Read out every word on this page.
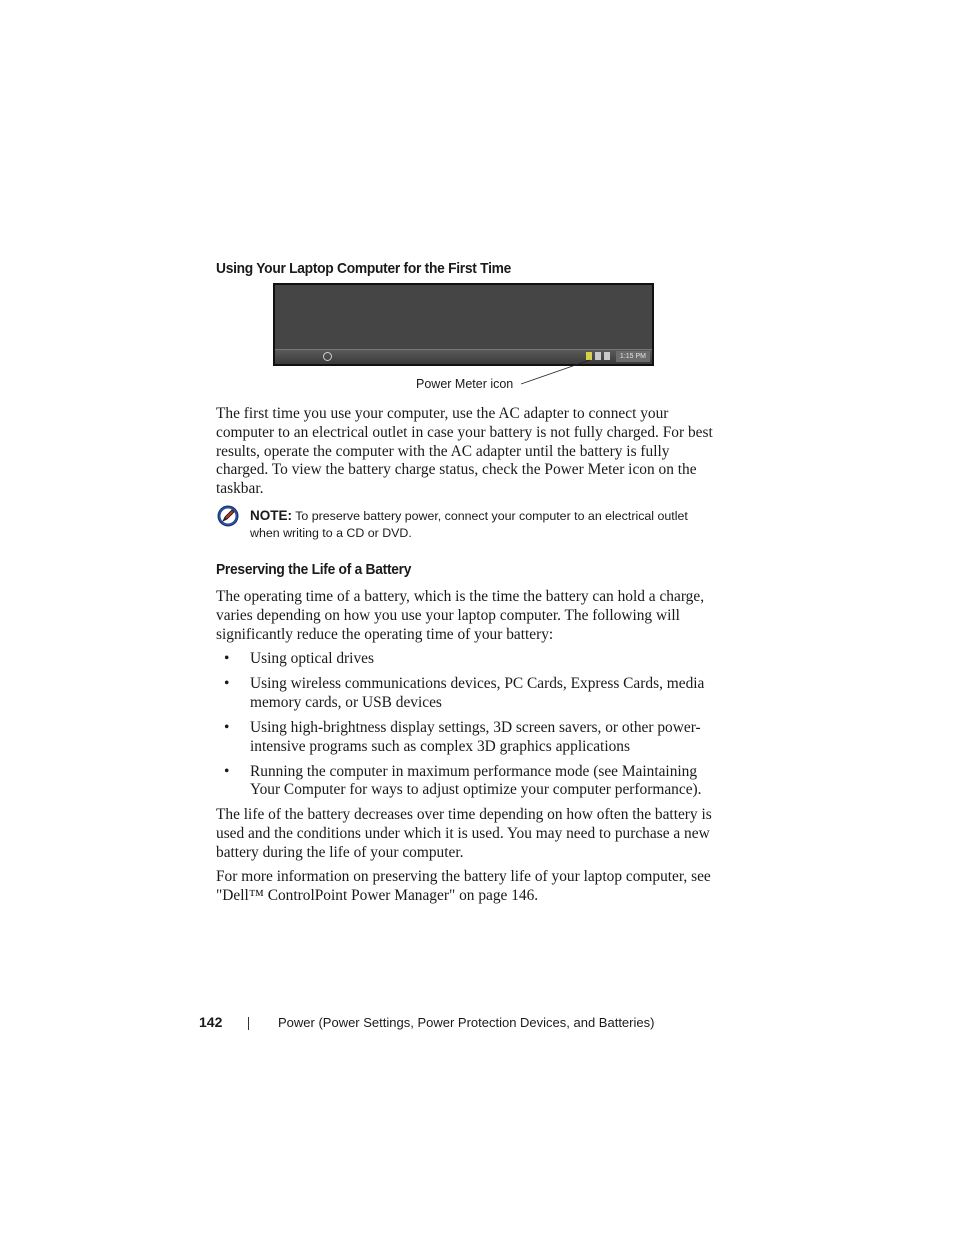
Using Your Laptop Computer for the First Time
1:15 PM
Power Meter icon

The first time you use your computer, use the AC adapter to connect your computer to an electrical outlet in case your battery is not fully charged. For best results, operate the computer with the AC adapter until the battery is fully charged. To view the battery charge status, check the Power Meter icon on the taskbar.

NOTE: To preserve battery power, connect your computer to an electrical outlet when writing to a CD or DVD.
Preserving the Life of a Battery

The operating time of a battery, which is the time the battery can hold a charge, varies depending on how you use your laptop computer. The following will significantly reduce the operating time of your battery:

• Using optical drives
• Using wireless communications devices, PC Cards, Express Cards, media memory cards, or USB devices
• Using high-brightness display settings, 3D screen savers, or other power-intensive programs such as complex 3D graphics applications
• Running the computer in maximum performance mode (see Maintaining Your Computer for ways to adjust optimize your computer performance).

The life of the battery decreases over time depending on how often the battery is used and the conditions under which it is used. You may need to purchase a new battery during the life of your computer.

For more information on preserving the battery life of your laptop computer, see "Dell™ ControlPoint Power Manager" on page 146.

142	Power (Power Settings, Power Protection Devices, and Batteries)
